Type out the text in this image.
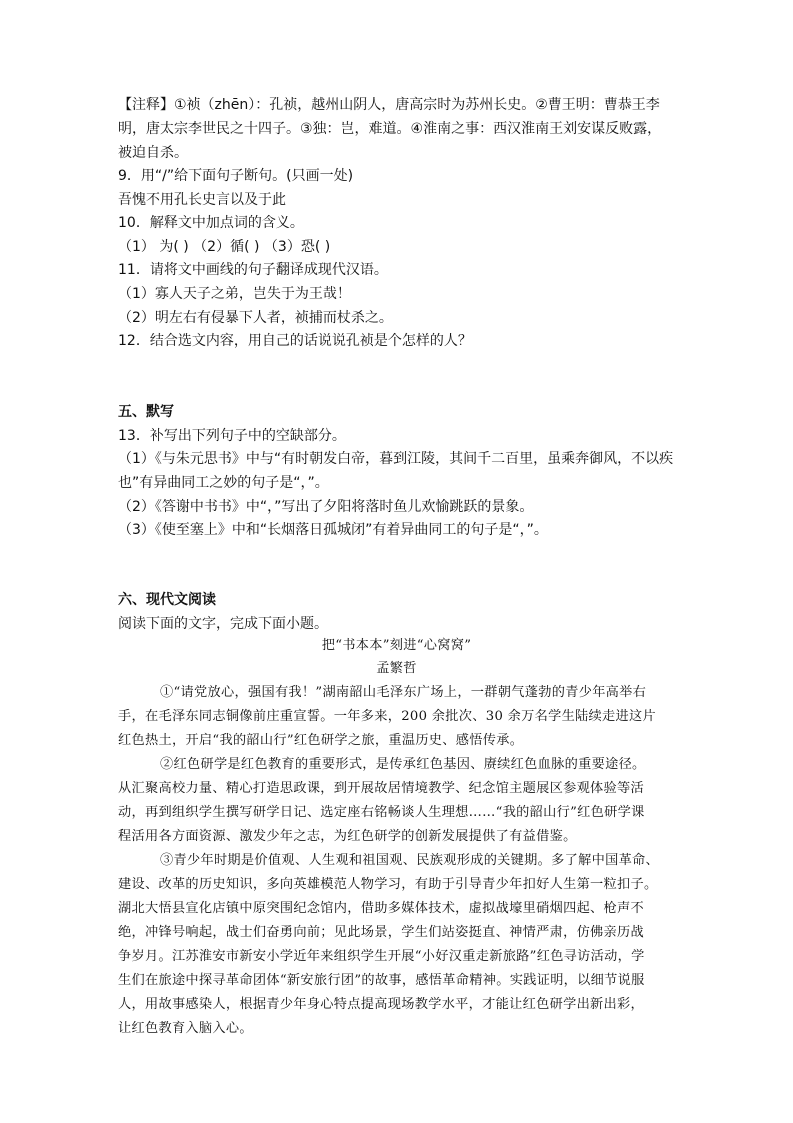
【注释】①祯（zhēn）：孔祯，越州山阴人，唐高宗时为苏州长史。②曹王明：曹恭王李
明，唐太宗李世民之十四子。③独：岂，难道。④淮南之事：西汉淮南王刘安谋反败露，
被迫自杀。
9．用“/”给下面句子断句。(只画一处)
吾愧不用孔长史言以及于此
10．解释文中加点词的含义。
（1） 为( ) （2）循( ) （3）恐( )
11．请将文中画线的句子翻译成现代汉语。
（1）寡人天子之弟，岂失于为王哉！
（2）明左右有侵暴下人者，祯捕而杖杀之。
12．结合选文内容，用自己的话说说孔祯是个怎样的人？
五、默写
13．补写出下列句子中的空缺部分。
（1）《与朱元思书》中与“有时朝发白帝，暮到江陵，其间千二百里，虽乘奔御风，不以疾
也”有异曲同工之妙的句子是“，”。
（2）《答谢中书书》中“，”写出了夕阳将落时鱼儿欢愉跳跃的景象。
（3）《使至塞上》中和“长烟落日孤城闭”有着异曲同工的句子是“，”。
六、现代文阅读
阅读下面的文字，完成下面小题。
把“书本本”刻进“心窝窝”
孟繁哲
①“请党放心，强国有我！”湖南韶山毛泽东广场上，一群朝气蓬勃的青少年高举右
手，在毛泽东同志铜像前庄重宣誓。一年多来，200 余批次、30 余万名学生陆续走进这片
红色热土，开启“我的韶山行”红色研学之旅，重温历史、感悟传承。
②红色研学是红色教育的重要形式，是传承红色基因、赓续红色血脉的重要途径。
从汇聚高校力量、精心打造思政课，到开展故居情境教学、纪念馆主题展区参观体验等活
动，再到组织学生撰写研学日记、选定座右铭畅谈人生理想……“我的韶山行”红色研学课
程活用各方面资源、激发少年之志，为红色研学的创新发展提供了有益借鉴。
③青少年时期是价值观、人生观和祖国观、民族观形成的关键期。多了解中国革命、
建设、改革的历史知识，多向英雄模范人物学习，有助于引导青少年扣好人生第一粒扣子。
湖北大悟县宣化店镇中原突围纪念馆内，借助多媒体技术，虚拟战壕里硝烟四起、枪声不
绝，冲锋号响起，战士们奋勇向前；见此场景，学生们站姿挺直、神情严肃，仿佛亲历战
争岁月。江苏淮安市新安小学近年来组织学生开展“小好汉重走新旅路”红色寻访活动，学
生们在旅途中探寻革命团体“新安旅行团”的故事，感悟革命精神。实践证明，以细节说服
人，用故事感染人，根据青少年身心特点提高现场教学水平，才能让红色研学出新出彩，
让红色教育入脑入心。
